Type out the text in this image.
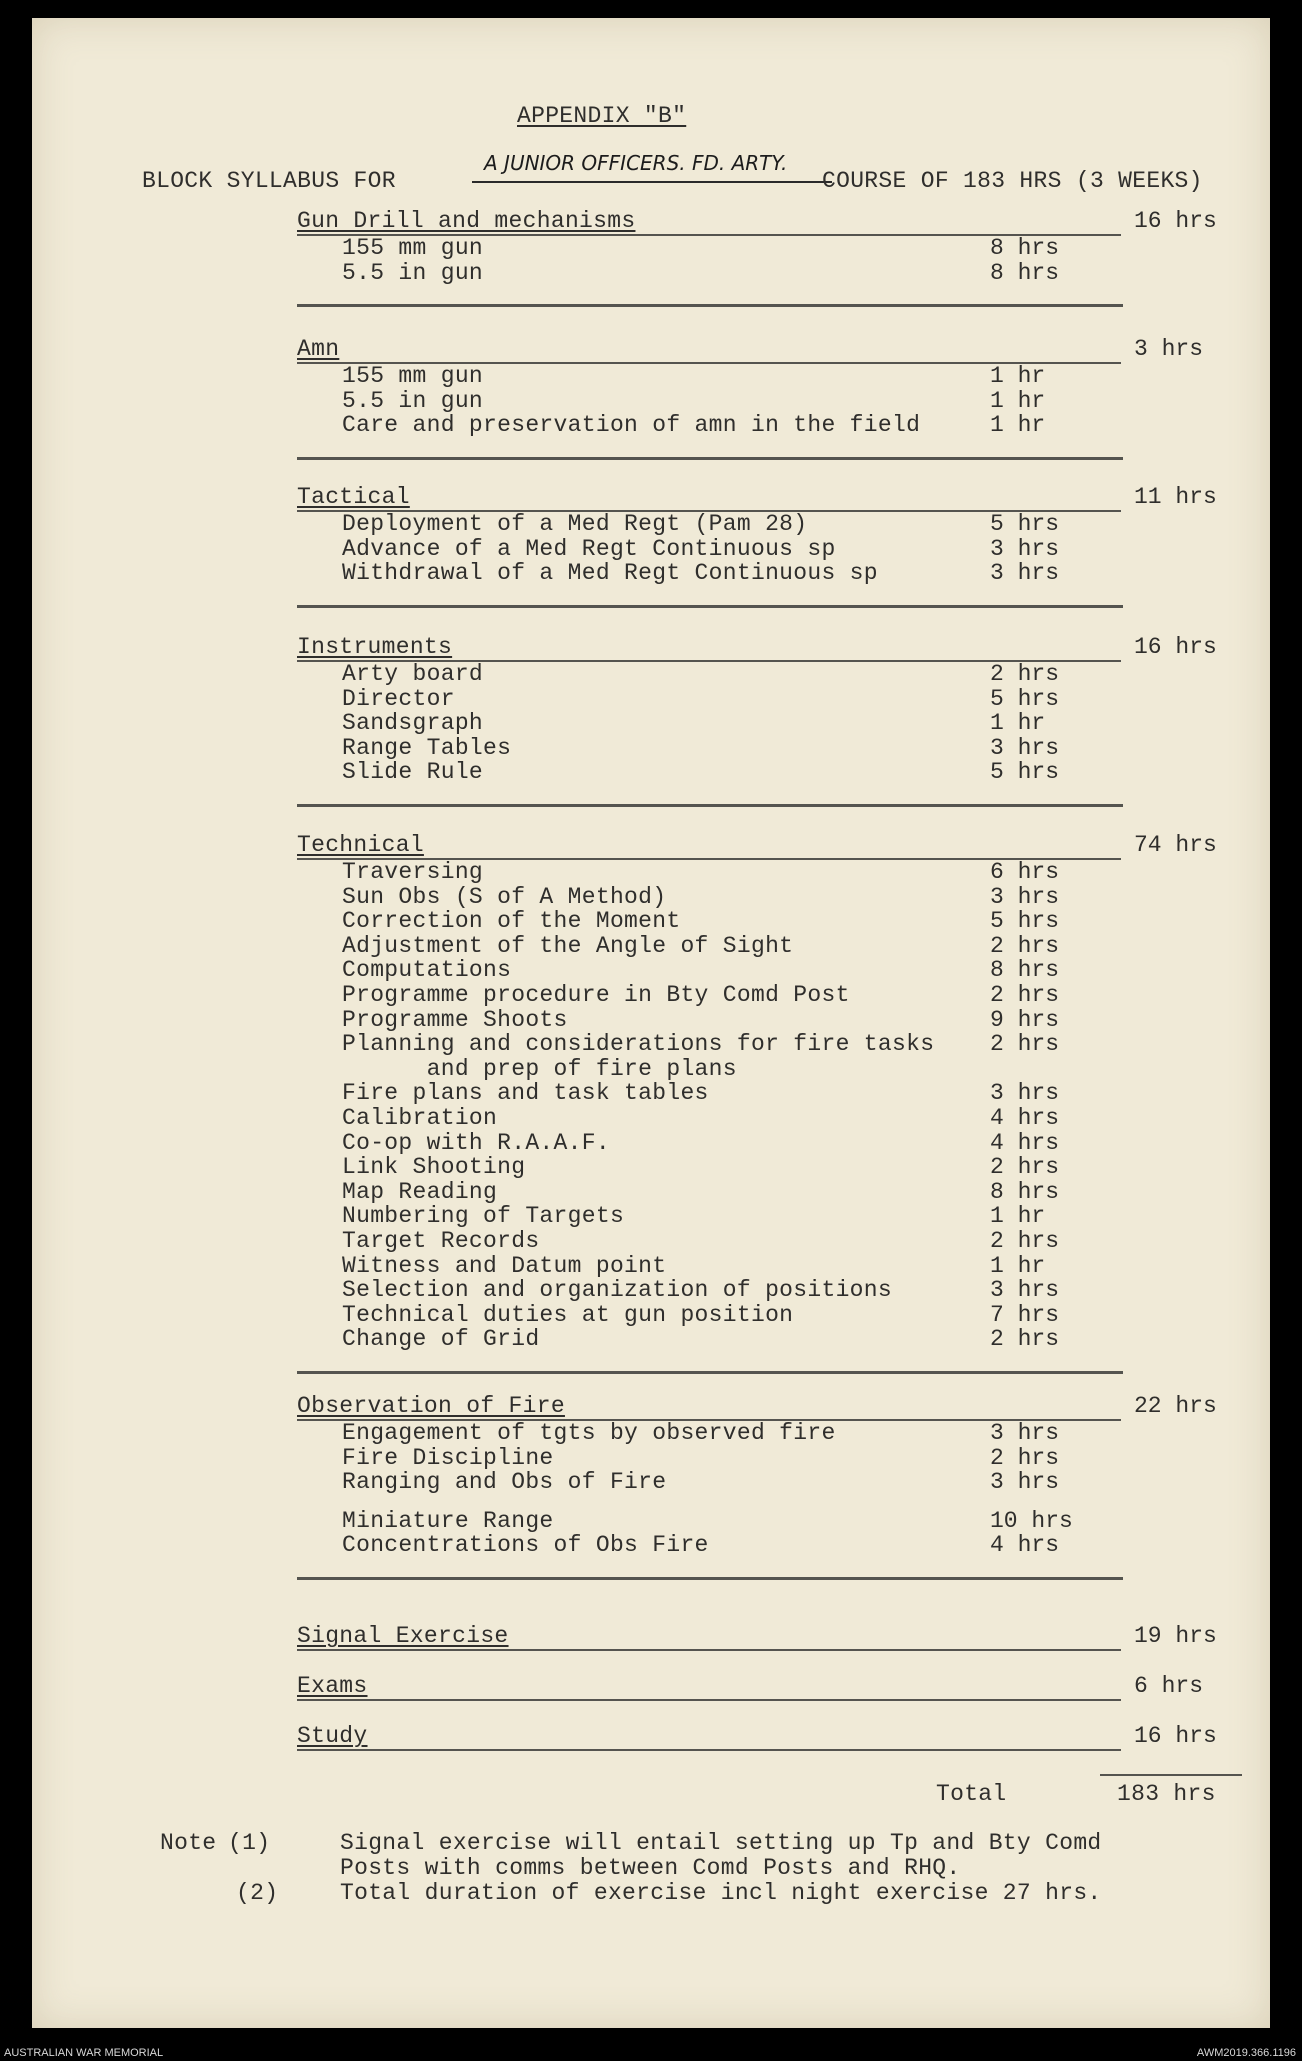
APPENDIX "B"
A JUNIOR OFFICERS. FD. ARTY.
BLOCK SYLLABUS FOR	COURSE OF 183 HRS (3 WEEKS)
Gun Drill and mechanisms	16 hrs
155 mm gun	8 hrs
5.5 in gun	8 hrs
Amn	3 hrs
155 mm gun	1 hr
5.5 in gun	1 hr
Care and preservation of amn in the field	1 hr
Tactical	11 hrs
Deployment of a Med Regt (Pam 28)	5 hrs
Advance of a Med Regt Continuous sp	3 hrs
Withdrawal of a Med Regt Continuous sp	3 hrs
Instruments	16 hrs
Arty board	2 hrs
Director	5 hrs
Sandsgraph	1 hr
Range Tables	3 hrs
Slide Rule	5 hrs
Technical	74 hrs
Traversing	6 hrs
Sun Obs (S of A Method)	3 hrs
Correction of the Moment	5 hrs
Adjustment of the Angle of Sight	2 hrs
Computations	8 hrs
Programme procedure in Bty Comd Post	2 hrs
Programme Shoots	9 hrs
Planning and considerations for fire tasks 2 hrs
and prep of fire plans
Fire plans and task tables	3 hrs
Calibration	4 hrs
Co-op with R.A.A.F.	4 hrs
Link Shooting	2 hrs
Map Reading	8 hrs
Numbering of Targets	1 hr
Target Records	2 hrs
Witness and Datum point	1 hr
Selection and organization of positions	3 hrs
Technical duties at gun position	7 hrs
Change of Grid	2 hrs
Observation of Fire	22 hrs
Engagement of tgts by observed fire	3 hrs
Fire Discipline	2 hrs
Ranging and Obs of Fire	3 hrs
Miniature Range	10 hrs
Concentrations of Obs Fire	4 hrs
Signal Exercise	19 hrs
Exams	6 hrs
Study	16 hrs
Total	183 hrs
Note (1)	Signal exercise will entail setting up Tp and Bty Comd
Posts with comms between Comd Posts and RHQ.
(2)	Total duration of exercise incl night exercise 27 hrs.
AUSTRALIAN WAR MEMORIAL	AWM2019.366.1196
